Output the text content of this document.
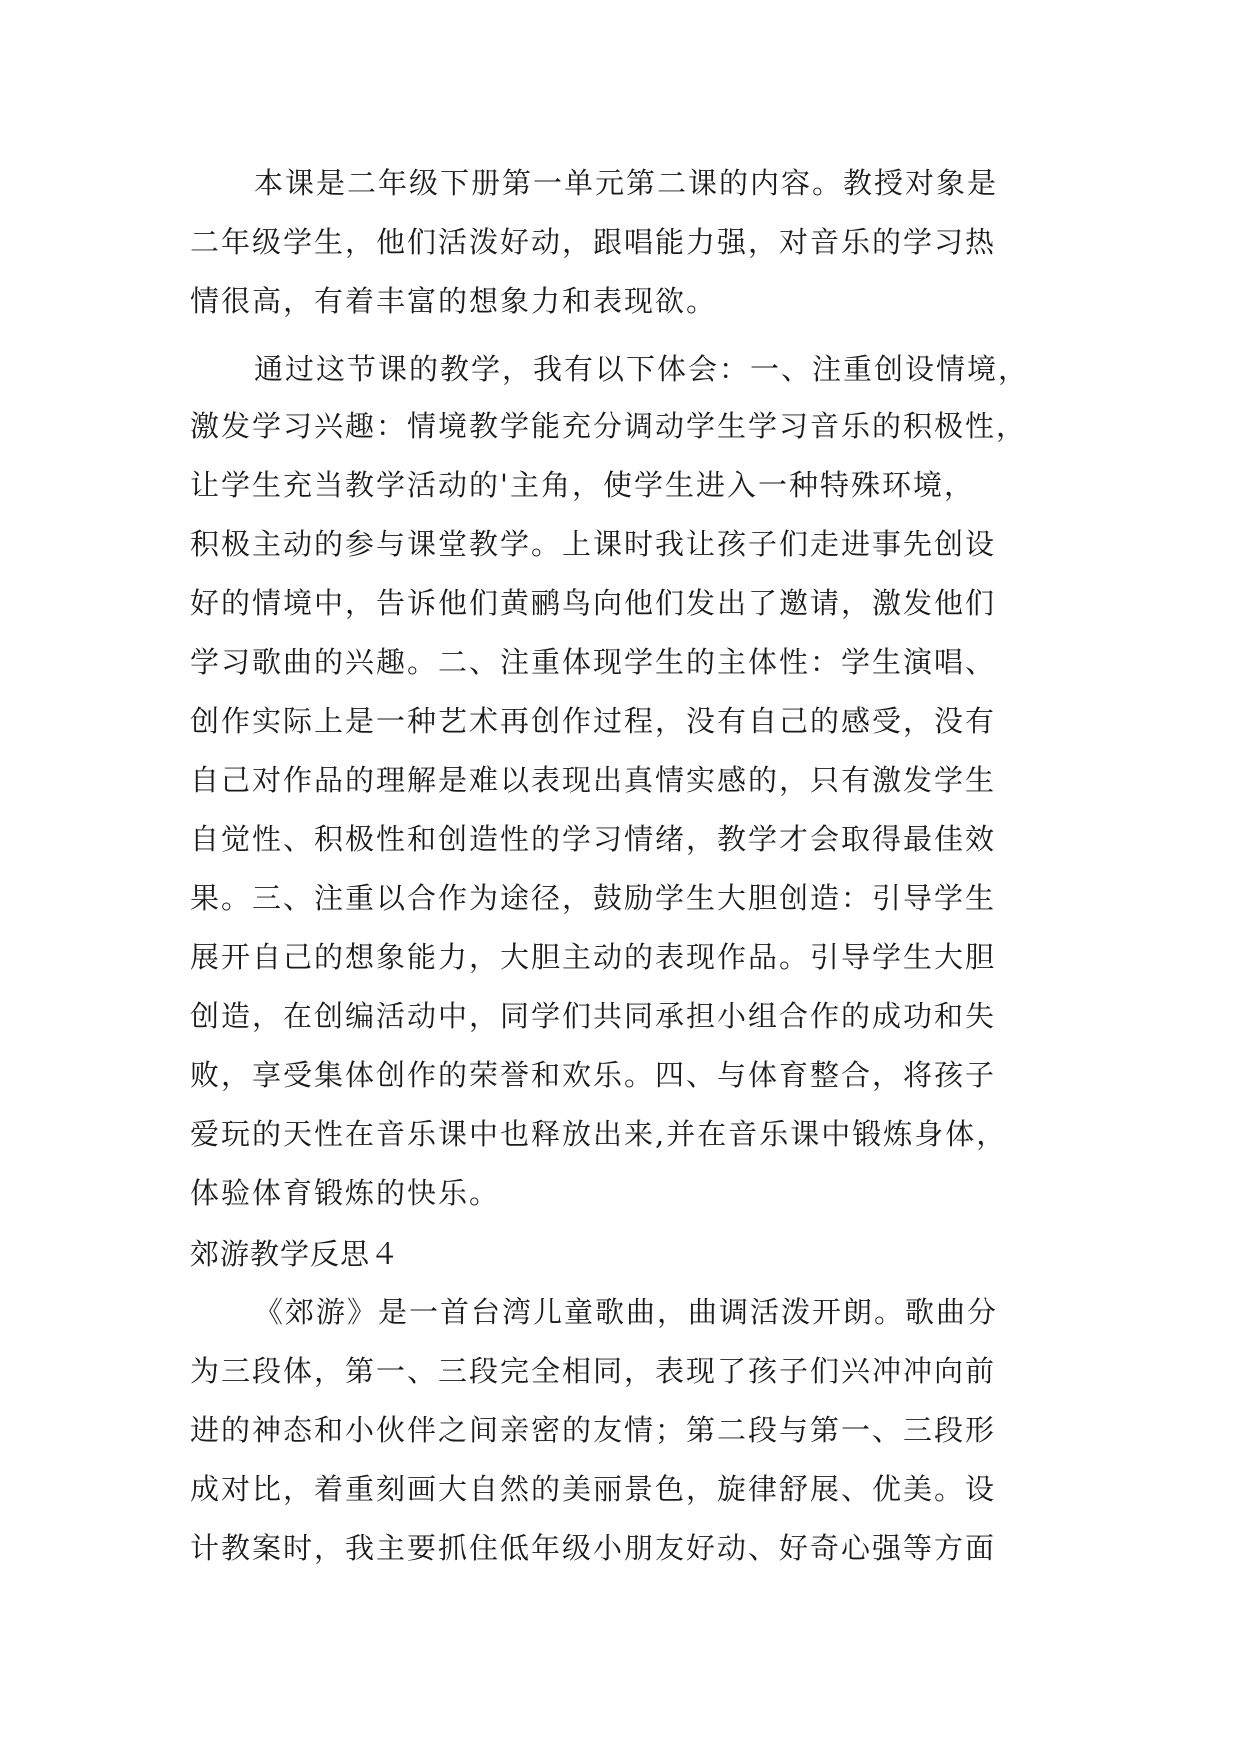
本课是二年级下册第一单元第二课的内容。教授对象是
二年级学生，他们活泼好动，跟唱能力强，对音乐的学习热
情很高，有着丰富的想象力和表现欲。
通过这节课的教学，我有以下体会：一、注重创设情境，
激发学习兴趣：情境教学能充分调动学生学习音乐的积极性，
让学生充当教学活动的'主角，使学生进入一种特殊环境，
积极主动的参与课堂教学。上课时我让孩子们走进事先创设
好的情境中，告诉他们黄鹂鸟向他们发出了邀请，激发他们
学习歌曲的兴趣。二、注重体现学生的主体性：学生演唱、
创作实际上是一种艺术再创作过程，没有自己的感受，没有
自己对作品的理解是难以表现出真情实感的，只有激发学生
自觉性、积极性和创造性的学习情绪，教学才会取得最佳效
果。三、注重以合作为途径，鼓励学生大胆创造：引导学生
展开自己的想象能力，大胆主动的表现作品。引导学生大胆
创造，在创编活动中，同学们共同承担小组合作的成功和失
败，享受集体创作的荣誉和欢乐。四、与体育整合，将孩子
爱玩的天性在音乐课中也释放出来,并在音乐课中锻炼身体，
体验体育锻炼的快乐。
郊游教学反思４
《郊游》是一首台湾儿童歌曲，曲调活泼开朗。歌曲分
为三段体，第一、三段完全相同，表现了孩子们兴冲冲向前
进的神态和小伙伴之间亲密的友情；第二段与第一、三段形
成对比，着重刻画大自然的美丽景色，旋律舒展、优美。设
计教案时，我主要抓住低年级小朋友好动、好奇心强等方面
